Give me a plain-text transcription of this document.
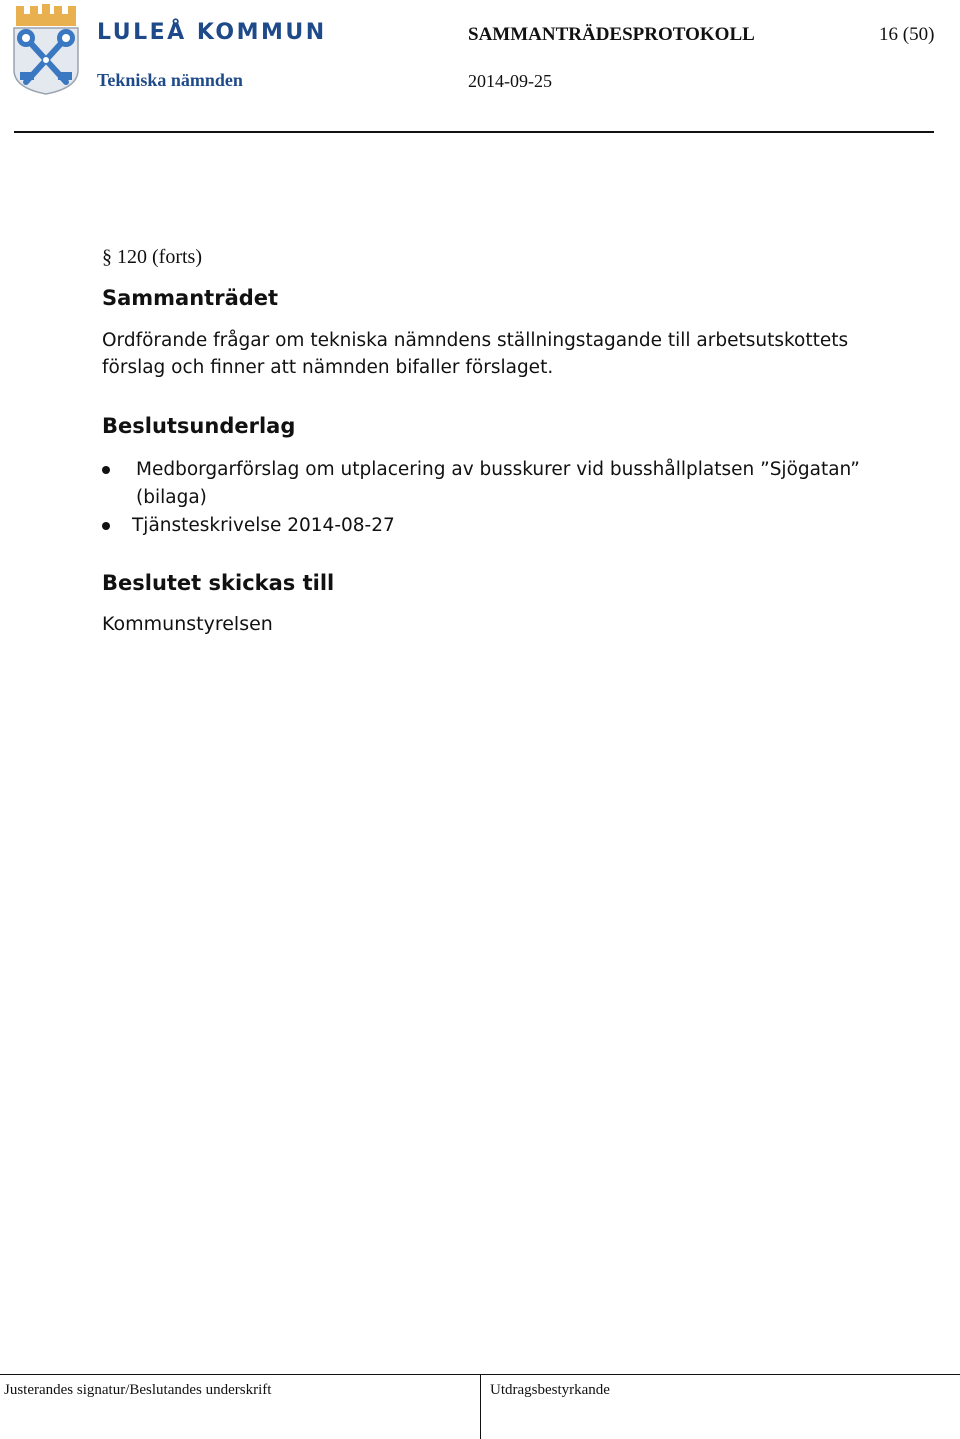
LULEÅ KOMMUN
Tekniska nämnden
SAMMANTRÄDESPROTOKOLL	16 (50)
2014-09-25
§ 120 (forts)
Sammanträdet
Ordförande frågar om tekniska nämndens ställningstagande till arbetsutskottets förslag och finner att nämnden bifaller förslaget.
Beslutsunderlag
Medborgarförslag om utplacering av busskurer vid busshållplatsen ”Sjögatan” (bilaga)
Tjänsteskrivelse 2014-08-27
Beslutet skickas till
Kommunstyrelsen
Justerandes signatur/Beslutandes underskrift	Utdragsbestyrkande
